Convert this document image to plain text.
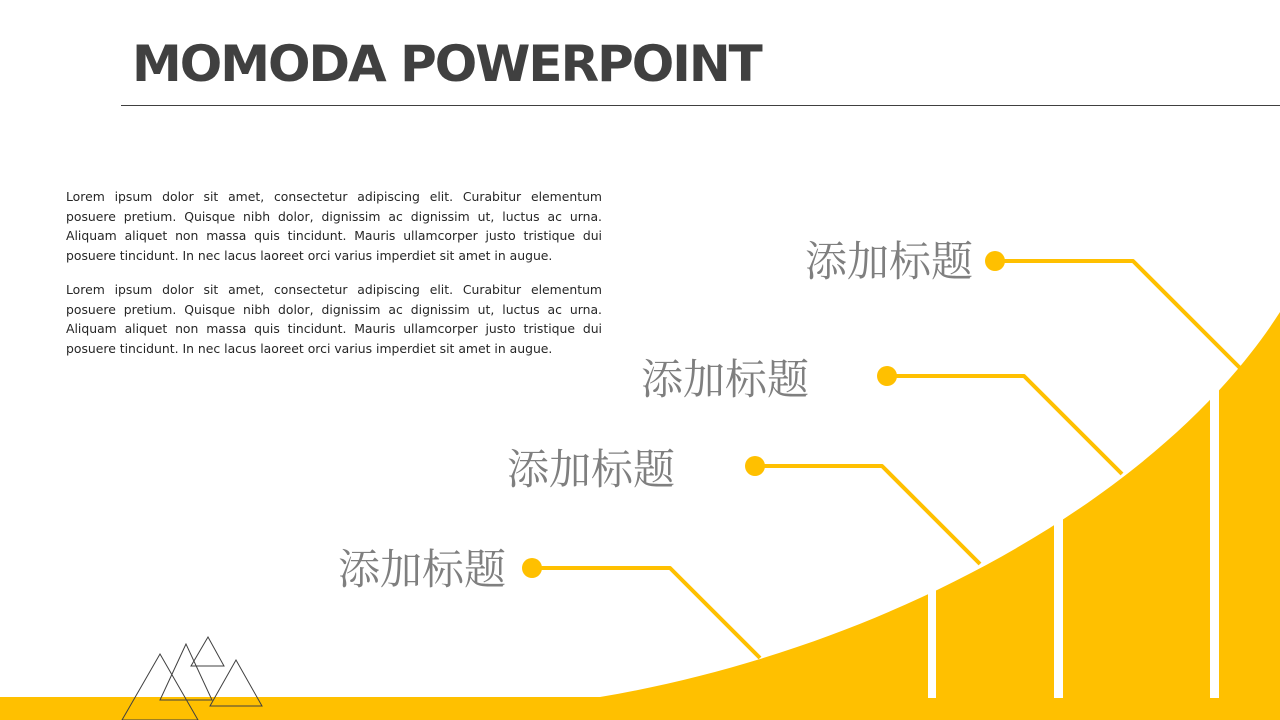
MOMODA POWERPOINT

Lorem ipsum dolor sit amet, consectetur adipiscing elit. Curabitur elementum posuere pretium. Quisque nibh dolor, dignissim ac dignissim ut, luctus ac urna. Aliquam aliquet non massa quis tincidunt. Mauris ullamcorper justo tristique dui posuere tincidunt. In nec lacus laoreet orci varius imperdiet sit amet in augue.

Lorem ipsum dolor sit amet, consectetur adipiscing elit. Curabitur elementum posuere pretium. Quisque nibh dolor, dignissim ac dignissim ut, luctus ac urna. Aliquam aliquet non massa quis tincidunt. Mauris ullamcorper justo tristique dui posuere tincidunt. In nec lacus laoreet orci varius imperdiet sit amet in augue.

添加标题
添加标题
添加标题
添加标题
